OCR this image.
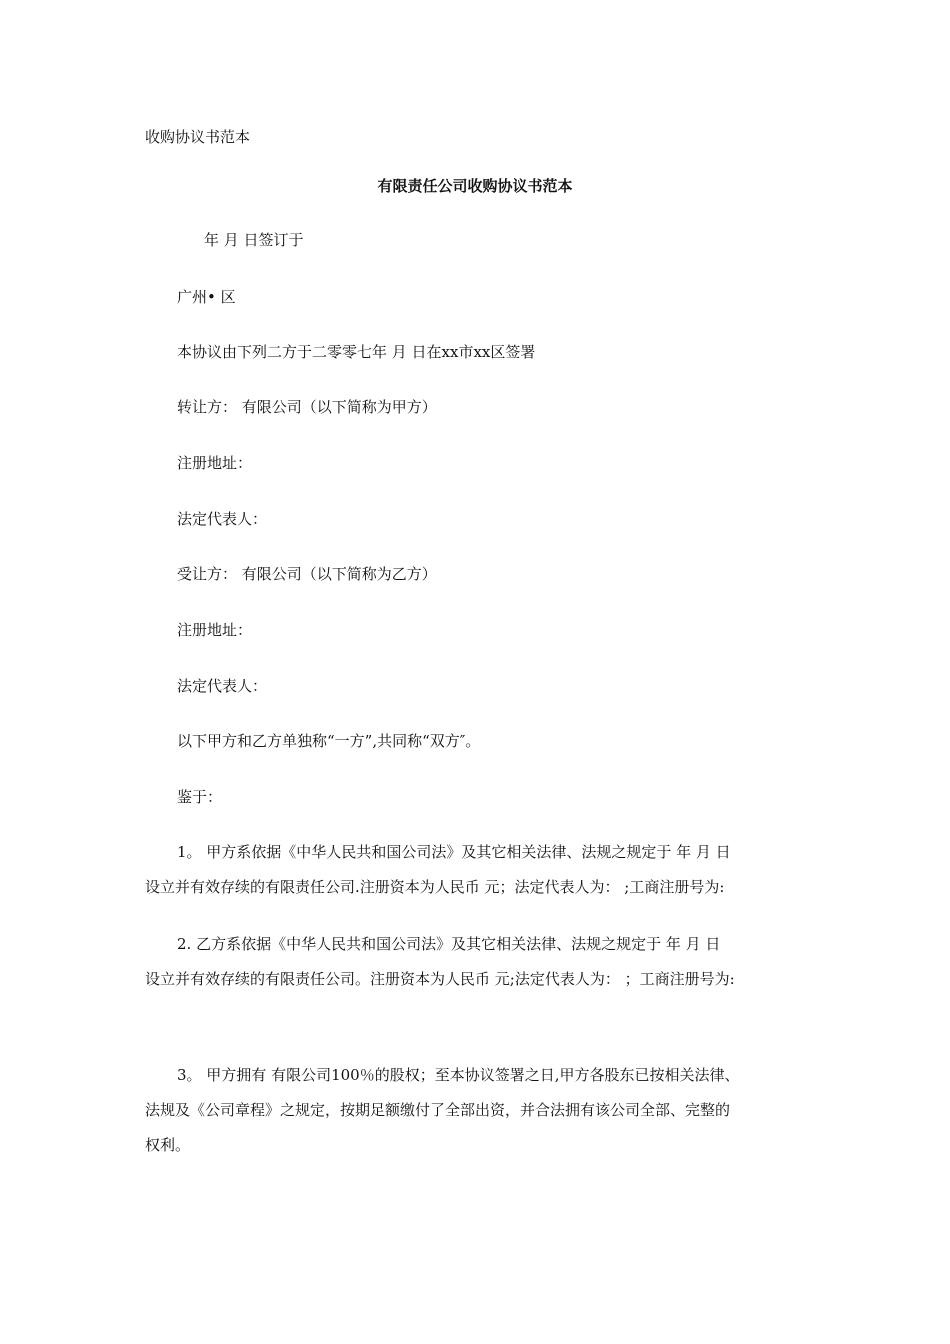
收购协议书范本
有限责任公司收购协议书范本
年 月 日签订于
广州• 区
本协议由下列二方于二零零七年 月 日在xx市xx区签署
转让方： 有限公司（以下简称为甲方）
注册地址：
法定代表人：
受让方： 有限公司（以下简称为乙方）
注册地址：
法定代表人：
以下甲方和乙方单独称“一方”,共同称“双方″。
鉴于：
1。 甲方系依据《中华人民共和国公司法》及其它相关法律、法规之规定于 年 月 日
设立并有效存续的有限责任公司.注册资本为人民币 元；法定代表人为： ;工商注册号为:
2. 乙方系依据《中华人民共和国公司法》及其它相关法律、法规之规定于 年 月 日
设立并有效存续的有限责任公司。注册资本为人民币 元;法定代表人为： ；工商注册号为:
3。 甲方拥有 有限公司100％的股权；至本协议签署之日,甲方各股东已按相关法律、
法规及《公司章程》之规定，按期足额缴付了全部出资，并合法拥有该公司全部、完整的
权利。
